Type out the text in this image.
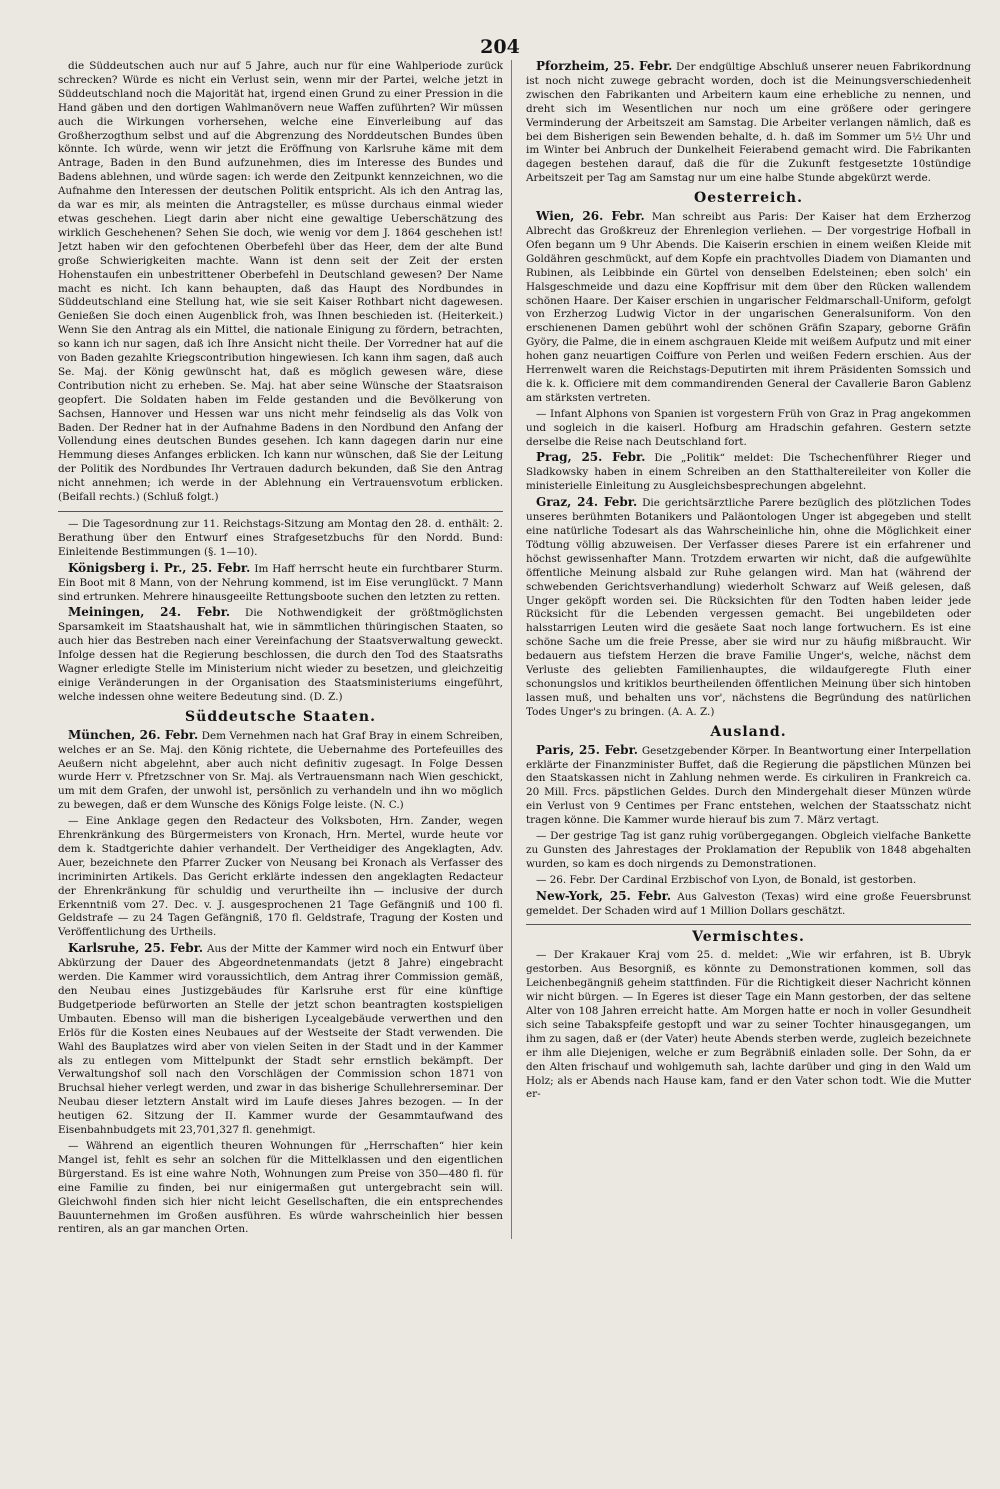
204

die Süddeutschen auch nur auf 5 Jahre, auch nur für eine Wahlperiode zurück schrecken? Würde es nicht ein Verlust sein, wenn mir der Partei, welche jetzt in Süddeutschland noch die Majorität hat, irgend einen Grund zu einer Pression in die Hand gäben und den dortigen Wahlmanövern neue Waffen zuführten? Wir müssen auch die Wirkungen vorhersehen, welche eine Einverleibung auf das Großherzogthum selbst und auf die Abgrenzung des Norddeutschen Bundes üben könnte. Ich würde, wenn wir jetzt die Eröffnung von Karlsruhe käme mit dem Antrage, Baden in den Bund aufzunehmen, dies im Interesse des Bundes und Badens ablehnen, und würde sagen: ich werde den Zeitpunkt kennzeichnen, wo die Aufnahme den Interessen der deutschen Politik entspricht. Als ich den Antrag las, da war es mir, als meinten die Antragsteller, es müsse durchaus einmal wieder etwas geschehen. Liegt darin aber nicht eine gewaltige Ueberschätzung des wirklich Geschehenen? Sehen Sie doch, wie wenig vor dem J. 1864 geschehen ist! Jetzt haben wir den gefochtenen Oberbefehl über das Heer, dem der alte Bund große Schwierigkeiten machte. Wann ist denn seit der Zeit der ersten Hohenstaufen ein unbestrittener Oberbefehl in Deutschland gewesen? Der Name macht es nicht. Ich kann behaupten, daß das Haupt des Nordbundes in Süddeutschland eine Stellung hat, wie sie seit Kaiser Rothbart nicht dagewesen. Genießen Sie doch einen Augenblick froh, was Ihnen beschieden ist. (Heiterkeit.) Wenn Sie den Antrag als ein Mittel, die nationale Einigung zu fördern, betrachten, so kann ich nur sagen, daß ich Ihre Ansicht nicht theile. Der Vorredner hat auf die von Baden gezahlte Kriegscontribution hingewiesen. Ich kann ihm sagen, daß auch Se. Maj. der König gewünscht hat, daß es möglich gewesen wäre, diese Contribution nicht zu erheben. Se. Maj. hat aber seine Wünsche der Staatsraison geopfert. Die Soldaten haben im Felde gestanden und die Bevölkerung von Sachsen, Hannover und Hessen war uns nicht mehr feindselig als das Volk von Baden. Der Redner hat in der Aufnahme Badens in den Nordbund den Anfang der Vollendung eines deutschen Bundes gesehen. Ich kann dagegen darin nur eine Hemmung dieses Anfanges erblicken. Ich kann nur wünschen, daß Sie der Leitung der Politik des Nordbundes Ihr Vertrauen dadurch bekunden, daß Sie den Antrag nicht annehmen; ich werde in der Ablehnung ein Vertrauensvotum erblicken. (Beifall rechts.) (Schluß folgt.)

— Die Tagesordnung zur 11. Reichstags-Sitzung am Montag den 28. d. enthält: 2. Berathung über den Entwurf eines Strafgesetzbuchs für den Nordd. Bund: Einleitende Bestimmungen (§. 1—10).

Königsberg i. Pr., 25. Febr. Im Haff herrscht heute ein furchtbarer Sturm. Ein Boot mit 8 Mann, von der Nehrung kommend, ist im Eise verunglückt. 7 Mann sind ertrunken. Mehrere hinausgeeilte Rettungsboote suchen den letzten zu retten.

Meiningen, 24. Febr. Die Nothwendigkeit der größtmöglichsten Sparsamkeit im Staatshaushalt hat, wie in sämmtlichen thüringischen Staaten, so auch hier das Bestreben nach einer Vereinfachung der Staatsverwaltung geweckt. Infolge dessen hat die Regierung beschlossen, die durch den Tod des Staatsraths Wagner erledigte Stelle im Ministerium nicht wieder zu besetzen, und gleichzeitig einige Veränderungen in der Organisation des Staatsministeriums eingeführt, welche indessen ohne weitere Bedeutung sind. (D. Z.)

Süddeutsche Staaten.

München, 26. Febr. Dem Vernehmen nach hat Graf Bray in einem Schreiben, welches er an Se. Maj. den König richtete, die Uebernahme des Portefeuilles des Aeußern nicht abgelehnt, aber auch nicht definitiv zugesagt. In Folge Dessen wurde Herr v. Pfretzschner von Sr. Maj. als Vertrauensmann nach Wien geschickt, um mit dem Grafen, der unwohl ist, persönlich zu verhandeln und ihn wo möglich zu bewegen, daß er dem Wunsche des Königs Folge leiste. (N. C.)

— Eine Anklage gegen den Redacteur des Volksboten, Hrn. Zander, wegen Ehrenkränkung des Bürgermeisters von Kronach, Hrn. Mertel, wurde heute vor dem k. Stadtgerichte dahier verhandelt. Der Vertheidiger des Angeklagten, Adv. Auer, bezeichnete den Pfarrer Zucker von Neusang bei Kronach als Verfasser des incriminirten Artikels. Das Gericht erklärte indessen den angeklagten Redacteur der Ehrenkränkung für schuldig und verurtheilte ihn — inclusive der durch Erkenntniß vom 27. Dec. v. J. ausgesprochenen 21 Tage Gefängniß und 100 fl. Geldstrafe — zu 24 Tagen Gefängniß, 170 fl. Geldstrafe, Tragung der Kosten und Veröffentlichung des Urtheils.

Karlsruhe, 25. Febr. Aus der Mitte der Kammer wird noch ein Entwurf über Abkürzung der Dauer des Abgeordnetenmandats (jetzt 8 Jahre) eingebracht werden. Die Kammer wird voraussichtlich, dem Antrag ihrer Commission gemäß, den Neubau eines Justizgebäudes für Karlsruhe erst für eine künftige Budgetperiode befürworten an Stelle der jetzt schon beantragten kostspieligen Umbauten. Ebenso will man die bisherigen Lycealgebäude verwerthen und den Erlös für die Kosten eines Neubaues auf der Westseite der Stadt verwenden. Die Wahl des Bauplatzes wird aber von vielen Seiten in der Stadt und in der Kammer als zu entlegen vom Mittelpunkt der Stadt sehr ernstlich bekämpft. Der Verwaltungshof soll nach den Vorschlägen der Commission schon 1871 von Bruchsal hieher verlegt werden, und zwar in das bisherige Schullehrerseminar. Der Neubau dieser letztern Anstalt wird im Laufe dieses Jahres bezogen. — In der heutigen 62. Sitzung der II. Kammer wurde der Gesammtaufwand des Eisenbahnbudgets mit 23,701,327 fl. genehmigt.

— Während an eigentlich theuren Wohnungen für „Herrschaften“ hier kein Mangel ist, fehlt es sehr an solchen für die Mittelklassen und den eigentlichen Bürgerstand. Es ist eine wahre Noth, Wohnungen zum Preise von 350—480 fl. für eine Familie zu finden, bei nur einigermaßen gut untergebracht sein will. Gleichwohl finden sich hier nicht leicht Gesellschaften, die ein entsprechendes Bauunternehmen im Großen ausführen. Es würde wahrscheinlich hier bessen rentiren, als an gar manchen Orten.

Pforzheim, 25. Febr. Der endgültige Abschluß unserer neuen Fabrikordnung ist noch nicht zuwege gebracht worden, doch ist die Meinungsverschiedenheit zwischen den Fabrikanten und Arbeitern kaum eine erhebliche zu nennen, und dreht sich im Wesentlichen nur noch um eine größere oder geringere Verminderung der Arbeitszeit am Samstag. Die Arbeiter verlangen nämlich, daß es bei dem Bisherigen sein Bewenden behalte, d. h. daß im Sommer um 5½ Uhr und im Winter bei Anbruch der Dunkelheit Feierabend gemacht wird. Die Fabrikanten dagegen bestehen darauf, daß die für die Zukunft festgesetzte 10stündige Arbeitszeit per Tag am Samstag nur um eine halbe Stunde abgekürzt werde.

Oesterreich.

Wien, 26. Febr. Man schreibt aus Paris: Der Kaiser hat dem Erzherzog Albrecht das Großkreuz der Ehrenlegion verliehen. — Der vorgestrige Hofball in Ofen begann um 9 Uhr Abends. Die Kaiserin erschien in einem weißen Kleide mit Goldähren geschmückt, auf dem Kopfe ein prachtvolles Diadem von Diamanten und Rubinen, als Leibbinde ein Gürtel von denselben Edelsteinen; eben solch' ein Halsgeschmeide und dazu eine Kopffrisur mit dem über den Rücken wallendem schönen Haare. Der Kaiser erschien in ungarischer Feldmarschall-Uniform, gefolgt von Erzherzog Ludwig Victor in der ungarischen Generalsuniform. Von den erschienenen Damen gebührt wohl der schönen Gräfin Szapary, geborne Gräfin Györy, die Palme, die in einem aschgrauen Kleide mit weißem Aufputz und mit einer hohen ganz neuartigen Coiffure von Perlen und weißen Federn erschien. Aus der Herrenwelt waren die Reichstags-Deputirten mit ihrem Präsidenten Somssich und die k. k. Officiere mit dem commandirenden General der Cavallerie Baron Gablenz am stärksten vertreten.

— Infant Alphons von Spanien ist vorgestern Früh von Graz in Prag angekommen und sogleich in die kaiserl. Hofburg am Hradschin gefahren. Gestern setzte derselbe die Reise nach Deutschland fort.

Prag, 25. Febr. Die „Politik“ meldet: Die Tschechenführer Rieger und Sladkowsky haben in einem Schreiben an den Statthaltereileiter von Koller die ministerielle Einleitung zu Ausgleichsbesprechungen abgelehnt.

Graz, 24. Febr. Die gerichtsärztliche Parere bezüglich des plötzlichen Todes unseres berühmten Botanikers und Paläontologen Unger ist abgegeben und stellt eine natürliche Todesart als das Wahrscheinliche hin, ohne die Möglichkeit einer Tödtung völlig abzuweisen. Der Verfasser dieses Parere ist ein erfahrener und höchst gewissenhafter Mann. Trotzdem erwarten wir nicht, daß die aufgewühlte öffentliche Meinung alsbald zur Ruhe gelangen wird. Man hat (während der schwebenden Gerichtsverhandlung) wiederholt Schwarz auf Weiß gelesen, daß Unger geköpft worden sei. Die Rücksichten für den Todten haben leider jede Rücksicht für die Lebenden vergessen gemacht. Bei ungebildeten oder halsstarrigen Leuten wird die gesäete Saat noch lange fortwuchern. Es ist eine schöne Sache um die freie Presse, aber sie wird nur zu häufig mißbraucht. Wir bedauern aus tiefstem Herzen die brave Familie Unger's, welche, nächst dem Verluste des geliebten Familienhauptes, die wildaufgeregte Fluth einer schonungslos und kritiklos beurtheilenden öffentlichen Meinung über sich hintoben lassen muß, und behalten uns vor', nächstens die Begründung des natürlichen Todes Unger's zu bringen. (A. A. Z.)

Ausland.

Paris, 25. Febr. Gesetzgebender Körper. In Beantwortung einer Interpellation erklärte der Finanzminister Buffet, daß die Regierung die päpstlichen Münzen bei den Staatskassen nicht in Zahlung nehmen werde. Es cirkuliren in Frankreich ca. 20 Mill. Frcs. päpstlichen Geldes. Durch den Mindergehalt dieser Münzen würde ein Verlust von 9 Centimes per Franc entstehen, welchen der Staatsschatz nicht tragen könne. Die Kammer wurde hierauf bis zum 7. März vertagt.

— Der gestrige Tag ist ganz ruhig vorübergegangen. Obgleich vielfache Bankette zu Gunsten des Jahrestages der Proklamation der Republik von 1848 abgehalten wurden, so kam es doch nirgends zu Demonstrationen.

— 26. Febr. Der Cardinal Erzbischof von Lyon, de Bonald, ist gestorben.

New-York, 25. Febr. Aus Galveston (Texas) wird eine große Feuersbrunst gemeldet. Der Schaden wird auf 1 Million Dollars geschätzt.

Vermischtes.

— Der Krakauer Kraj vom 25. d. meldet: „Wie wir erfahren, ist B. Ubryk gestorben. Aus Besorgniß, es könnte zu Demonstrationen kommen, soll das Leichenbegängniß geheim stattfinden. Für die Richtigkeit dieser Nachricht können wir nicht bürgen. — In Egeres ist dieser Tage ein Mann gestorben, der das seltene Alter von 108 Jahren erreicht hatte. Am Morgen hatte er noch in voller Gesundheit sich seine Tabakspfeife gestopft und war zu seiner Tochter hinausgegangen, um ihm zu sagen, daß er (der Vater) heute Abends sterben werde, zugleich bezeichnete er ihm alle Diejenigen, welche er zum Begräbniß einladen solle. Der Sohn, da er den Alten frischauf und wohlgemuth sah, lachte darüber und ging in den Wald um Holz; als er Abends nach Hause kam, fand er den Vater schon todt. Wie die Mutter er-
